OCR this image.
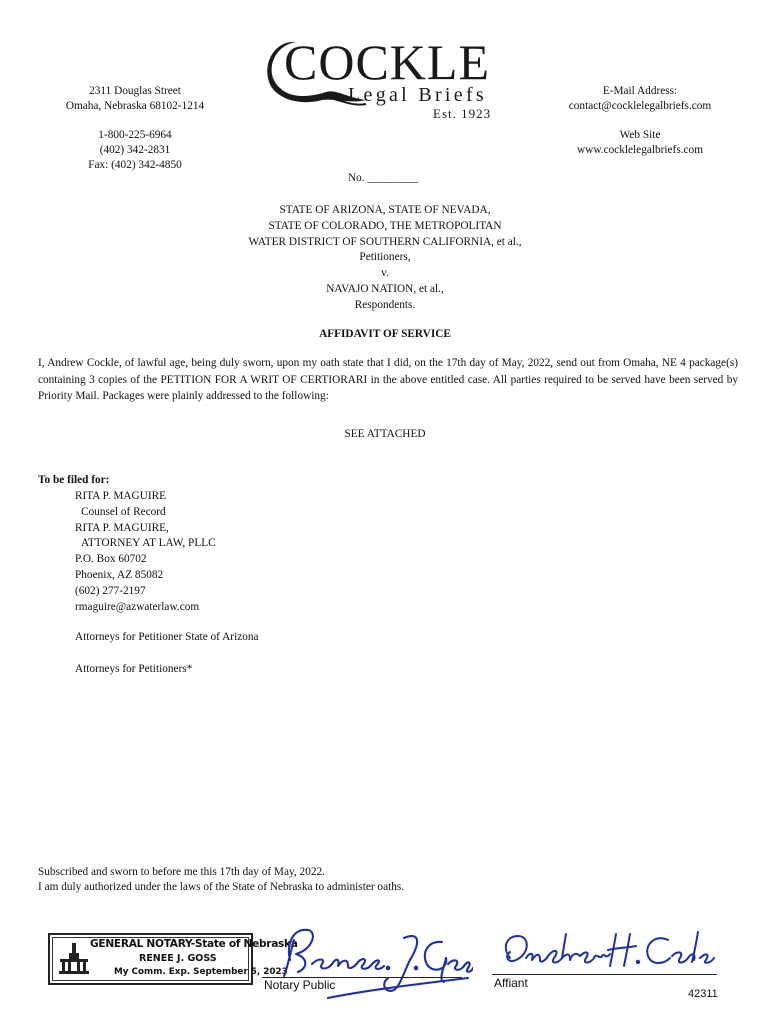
2311 Douglas Street
Omaha, Nebraska 68102-1214
1-800-225-6964
(402) 342-2831
Fax: (402) 342-4850
COCKLE
Legal Briefs
Est. 1923
E-Mail Address:
contact@cocklelegalbriefs.com
Web Site
www.cocklelegalbriefs.com
No. _________
STATE OF ARIZONA, STATE OF NEVADA,
STATE OF COLORADO, THE METROPOLITAN
WATER DISTRICT OF SOUTHERN CALIFORNIA, et al.,
Petitioners,
v.
NAVAJO NATION, et al.,
Respondents.
AFFIDAVIT OF SERVICE
I, Andrew Cockle, of lawful age, being duly sworn, upon my oath state that I did, on the 17th day of May, 2022, send out from Omaha, NE 4 package(s) containing 3 copies of the PETITION FOR A WRIT OF CERTIORARI in the above entitled case. All parties required to be served have been served by Priority Mail. Packages were plainly addressed to the following:
SEE ATTACHED
To be filed for:
RITA P. MAGUIRE
Counsel of Record
RITA P. MAGUIRE,
ATTORNEY AT LAW, PLLC
P.O. Box 60702
Phoenix, AZ 85082
(602) 277-2197
rmaguire@azwaterlaw.com
Attorneys for Petitioner State of Arizona
Attorneys for Petitioners*
Subscribed and sworn to before me this 17th day of May, 2022.
I am duly authorized under the laws of the State of Nebraska to administer oaths.
GENERAL NOTARY-State of Nebraska
RENEE J. GOSS
My Comm. Exp. September 5, 2023
Notary Public	Affiant
42311
